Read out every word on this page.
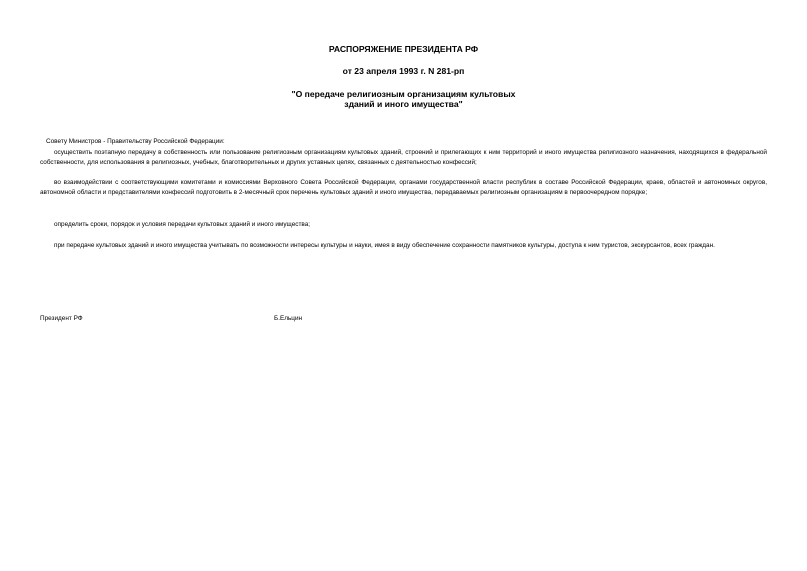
РАСПОРЯЖЕНИЕ ПРЕЗИДЕНТА РФ
от 23 апреля 1993 г. N 281-рп
"О передаче религиозным организациям культовых
зданий и иного имущества"
Совету Министров - Правительству Российской Федерации:

осуществить поэтапную передачу в собственность или пользование религиозным организациям культовых зданий, строений и прилегающих к ним территорий и иного имущества религиозного назначения, находящихся в федеральной собственности, для использования в религиозных, учебных, благотворительных и других уставных целях, связанных с деятельностью конфессий;

во взаимодействии с соответствующими комитетами и комиссиями Верховного Совета Российской Федерации, органами государственной власти республик в составе Российской Федерации, краев, областей и автономных округов, автономной области и представителями конфессий подготовить в 2-месячный срок перечень культовых зданий и иного имущества, передаваемых религиозным организациям в первоочередном порядке;

определить сроки, порядок и условия передачи культовых зданий и иного имущества;

при передаче культовых зданий и иного имущества учитывать по возможности интересы культуры и науки, имея в виду обеспечение сохранности памятников культуры, доступа к ним туристов, экскурсантов, всех граждан.

Президент РФ	Б.Ельцин
